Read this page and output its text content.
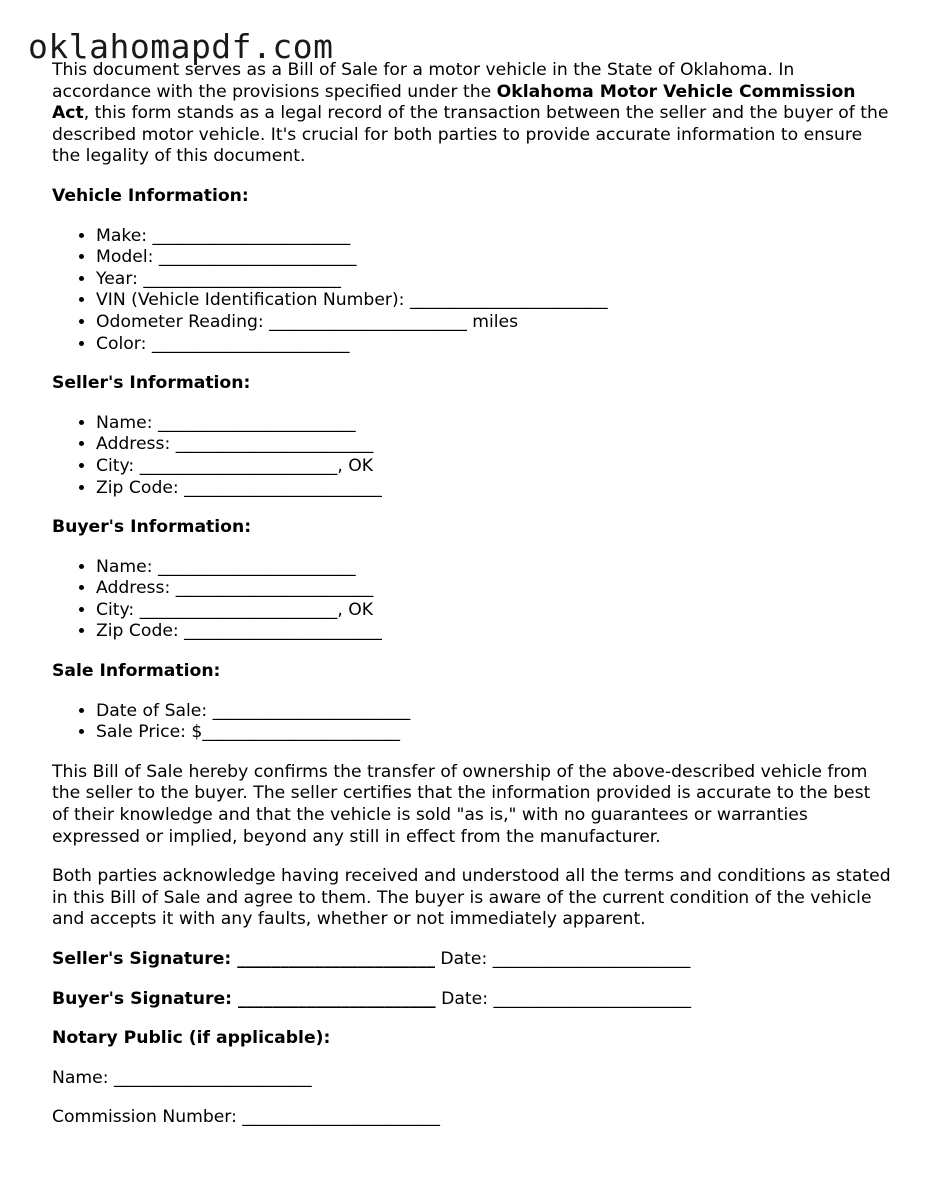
oklahomapdf.com

This document serves as a Bill of Sale for a motor vehicle in the State of Oklahoma. In accordance with the provisions specified under the Oklahoma Motor Vehicle Commission Act, this form stands as a legal record of the transaction between the seller and the buyer of the described motor vehicle. It's crucial for both parties to provide accurate information to ensure the legality of this document.

Vehicle Information:
• Make: _______________________
• Model: _______________________
• Year: _______________________
• VIN (Vehicle Identification Number): _______________________
• Odometer Reading: _______________________ miles
• Color: _______________________
Seller's Information:
• Name: _______________________
• Address: _______________________
• City: _______________________, OK
• Zip Code: _______________________
Buyer's Information:
• Name: _______________________
• Address: _______________________
• City: _______________________, OK
• Zip Code: _______________________
Sale Information:
• Date of Sale: _______________________
• Sale Price: $_______________________

This Bill of Sale hereby confirms the transfer of ownership of the above-described vehicle from the seller to the buyer. The seller certifies that the information provided is accurate to the best of their knowledge and that the vehicle is sold "as is," with no guarantees or warranties expressed or implied, beyond any still in effect from the manufacturer.

Both parties acknowledge having received and understood all the terms and conditions as stated in this Bill of Sale and agree to them. The buyer is aware of the current condition of the vehicle and accepts it with any faults, whether or not immediately apparent.

Seller's Signature: _______________________ Date: _______________________
Buyer's Signature: _______________________ Date: _______________________
Notary Public (if applicable):
Name: _______________________
Commission Number: _______________________
